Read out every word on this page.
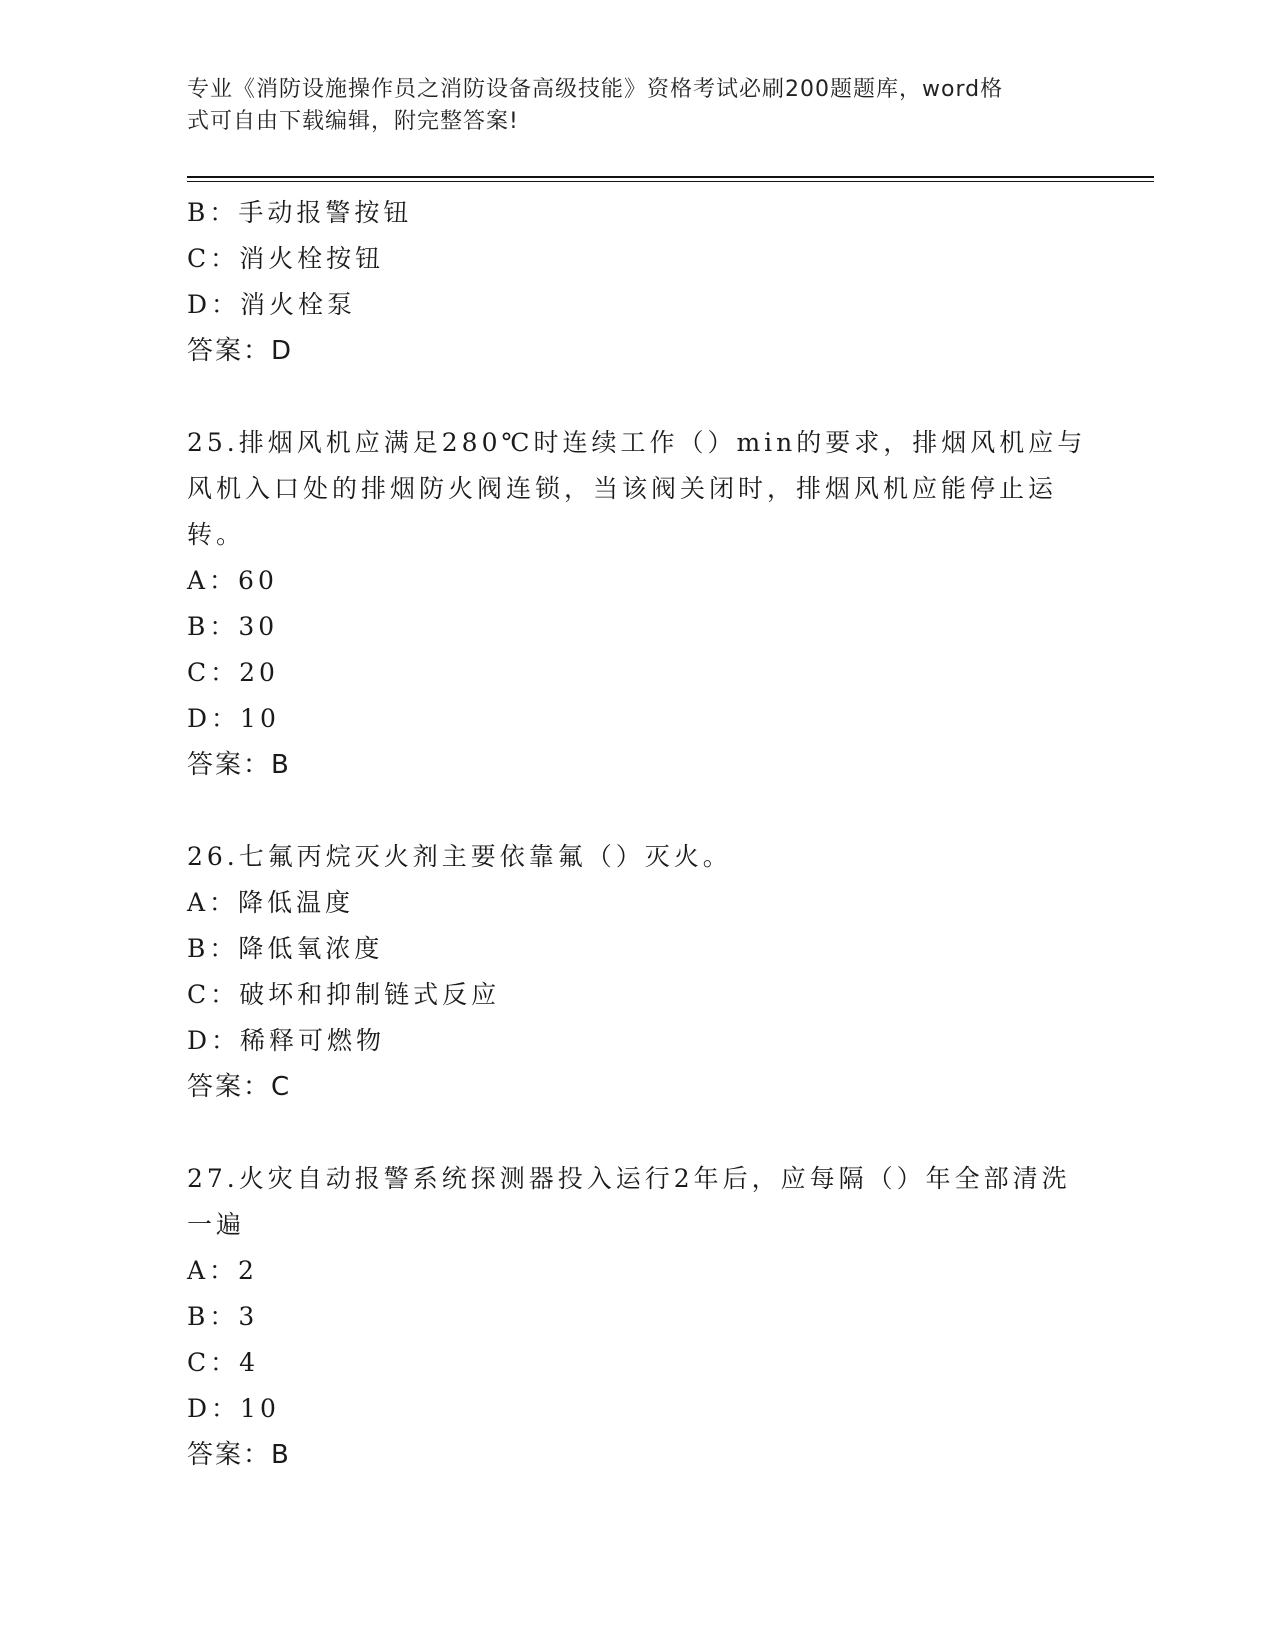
专业《消防设施操作员之消防设备高级技能》资格考试必刷200题题库，word格
式可自由下载编辑，附完整答案!
B：手动报警按钮
C：消火栓按钮
D：消火栓泵
答案：D
25.排烟风机应满足280℃时连续工作（）min的要求，排烟风机应与风机入口处的排烟防火阀连锁，当该阀关闭时，排烟风机应能停止运转。
A：60
B：30
C：20
D：10
答案：B
26.七氟丙烷灭火剂主要依靠氟（）灭火。
A：降低温度
B：降低氧浓度
C：破坏和抑制链式反应
D：稀释可燃物
答案：C
27.火灾自动报警系统探测器投入运行2年后，应每隔（）年全部清洗一遍
A：2
B：3
C：4
D：10
答案：B
